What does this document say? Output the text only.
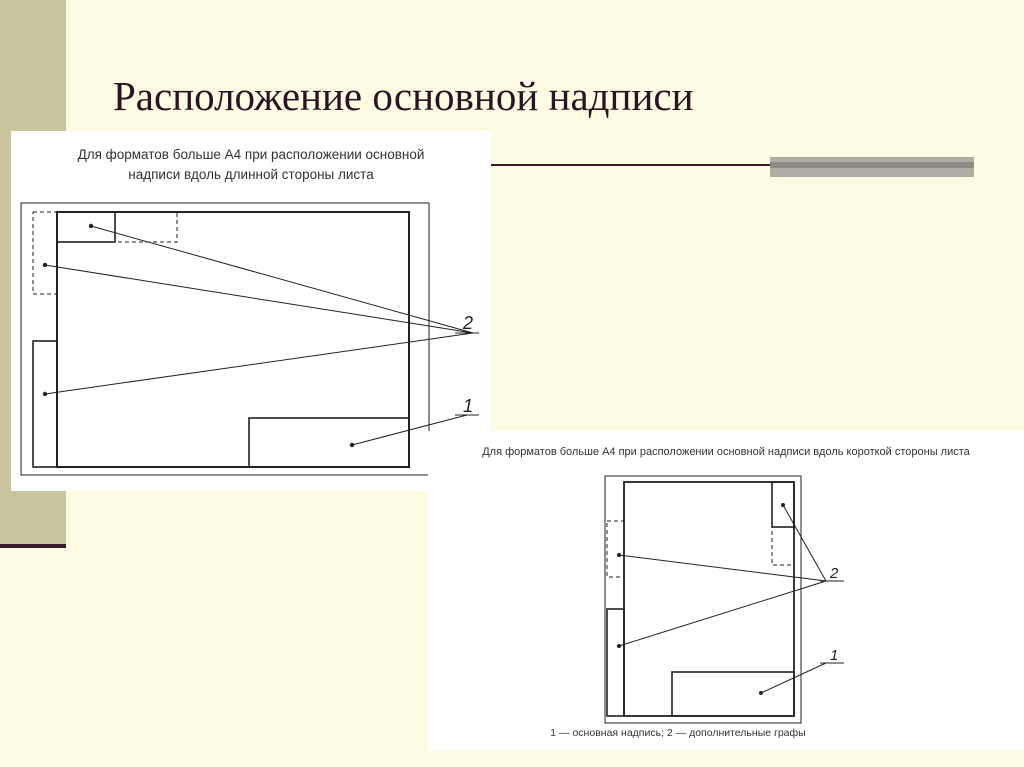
Расположение основной надписи

Для форматов больше А4 при расположении основной
надписи вдоль длинной стороны листа

2
1

Для форматов больше А4 при расположении основной надписи вдоль короткой стороны листа

2
1

1 — основная надпись; 2 — дополнительные графы
